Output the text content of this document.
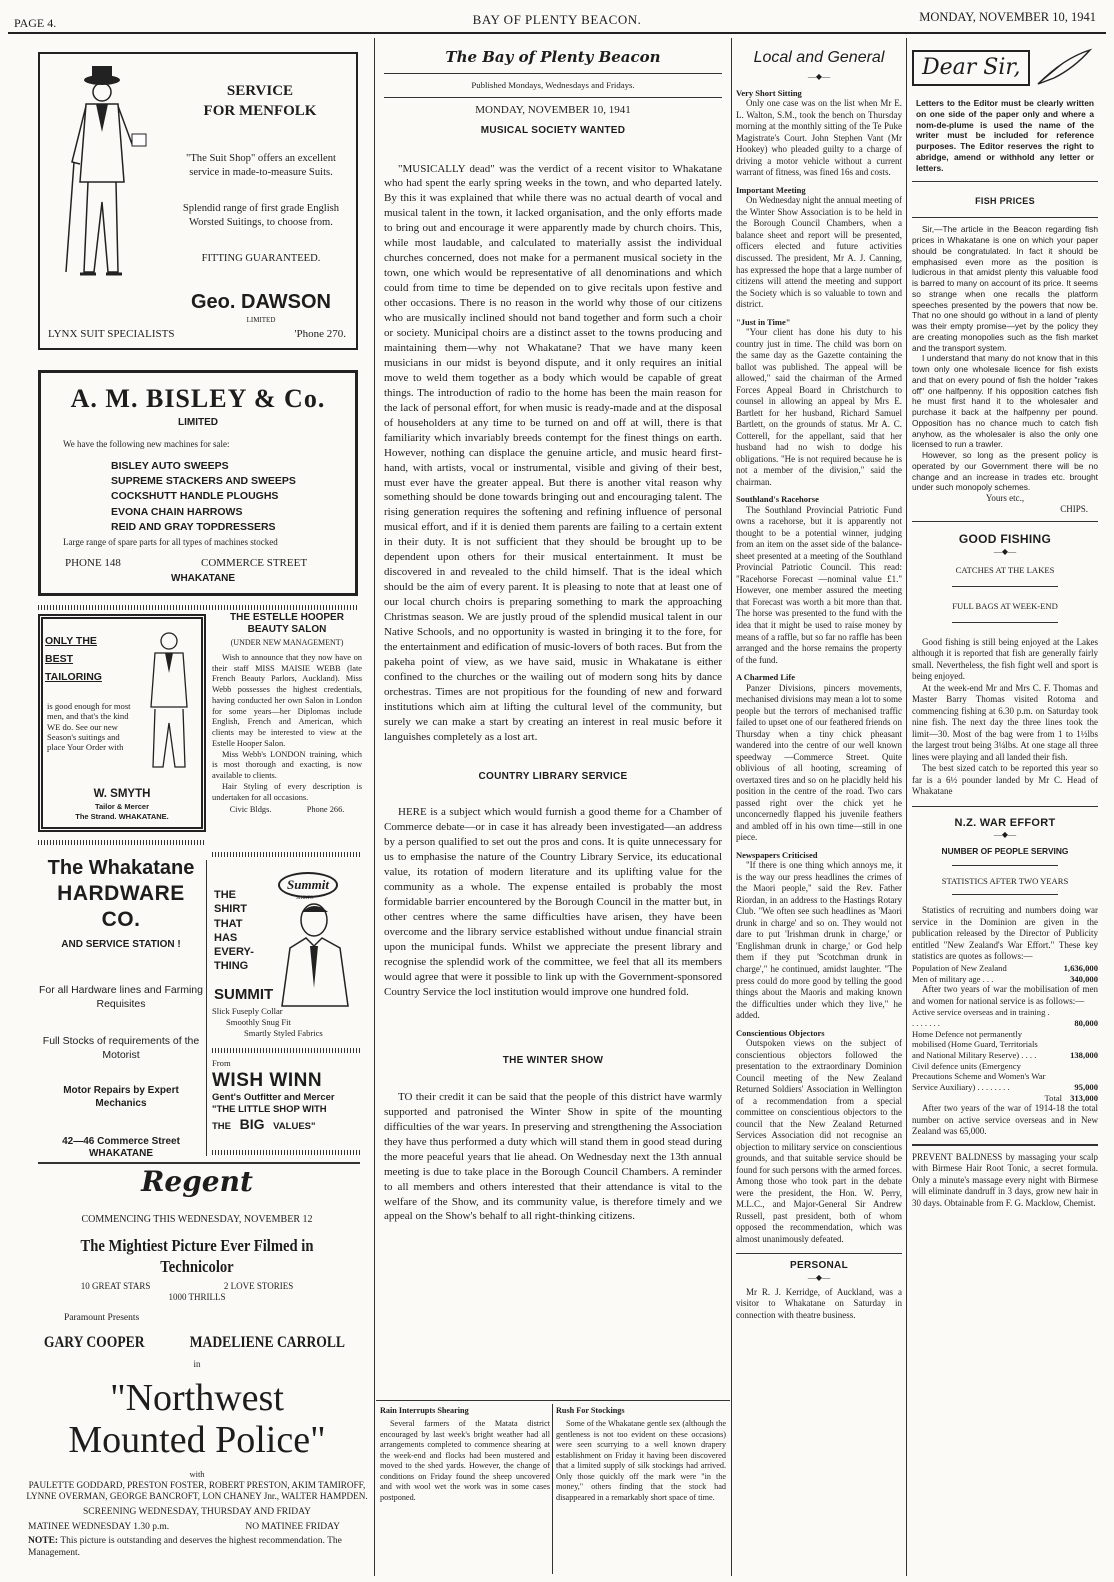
PAGE 4.	BAY OF PLENTY BEACON.	MONDAY, NOVEMBER 10, 1941
SERVICE
FOR MENFOLK
"The Suit Shop" offers an excellent service in made-to-measure Suits.
Splendid range of first grade English Worsted Suitings, to choose from.
FITTING GUARANTEED.
Geo. DAWSON
LIMITED
LYNX SUIT SPECIALISTS	'Phone 270.
A. M. BISLEY & Co.
LIMITED
We have the following new machines for sale:
BISLEY AUTO SWEEPS
SUPREME STACKERS AND SWEEPS
COCKSHUTT HANDLE PLOUGHS
EVONA CHAIN HARROWS
REID AND GRAY TOPDRESSERS
Large range of spare parts for all types of machines stocked
PHONE 148	COMMERCE STREET
WHAKATANE
ONLY THE
BEST
TAILORING
is good enough for most men, and that's the kind WE do. See our new Season's suitings and place Your Order with
W. SMYTH
Tailor & Mercer
The Strand. WHAKATANE.
THE ESTELLE HOOPER BEAUTY SALON
(UNDER NEW MANAGEMENT)

Wish to announce that they now have on their staff MISS MAISIE WEBB (late French Beauty Parlors, Auckland). Miss Webb possesses the highest credentials, having conducted her own Salon in London for some years—her Diplomas include English, French and American, which clients may be interested to view at the Estelle Hooper Salon.

Miss Webb's LONDON training, which is most thorough and exacting, is now available to clients.

Hair Styling of every description is undertaken for all occasions.

Civic Bldgs.	Phone 266.
The Whakatane
HARDWARE CO.
AND SERVICE STATION !
For all Hardware lines and Farming Requisites
Full Stocks of requirements of the Motorist
Motor Repairs by Expert Mechanics
42—46 Commerce Street
WHAKATANE
THE
SHIRT
THAT
HAS
EVERY-
THING
SUMMIT
Summit
SHIRTS
Slick Fuseply Collar
Smoothly Snug Fit
Smartly Styled Fabrics
From
WISH WINN
Gent's Outfitter and Mercer
"THE LITTLE SHOP WITH
THE BIG VALUES"
Regent
COMMENCING THIS WEDNESDAY, NOVEMBER 12
The Mightiest Picture Ever Filmed in Technicolor
10 GREAT STARS	2 LOVE STORIES
1000 THRILLS
Paramount Presents
GARY COOPER	MADELIENE CARROLL
in
"Northwest
Mounted Police"
with
PAULETTE GODDARD, PRESTON FOSTER, ROBERT PRESTON, AKIM TAMIROFF, LYNNE OVERMAN, GEORGE BANCROFT, LON CHANEY Jnr., WALTER HAMPDEN.
SCREENING WEDNESDAY, THURSDAY AND FRIDAY
MATINEE WEDNESDAY 1.30 p.m.	NO MATINEE FRIDAY
NOTE: This picture is outstanding and deserves the highest recommendation. The Management.
The Bay of Plenty Beacon
Published Mondays, Wednesdays and Fridays.
MONDAY, NOVEMBER 10, 1941
MUSICAL SOCIETY WANTED

"MUSICALLY dead" was the verdict of a recent visitor to Whakatane who had spent the early spring weeks in the town, and who departed lately. By this it was explained that while there was no actual dearth of vocal and musical talent in the town, it lacked organisation, and the only efforts made to bring out and encourage it were apparently made by church choirs. This, while most laudable, and calculated to materially assist the individual churches concerned, does not make for a permanent musical society in the town, one which would be representative of all denominations and which could from time to time be depended on to give recitals upon festive and other occasions. There is no reason in the world why those of our citizens who are musically inclined should not band together and form such a choir or society. Municipal choirs are a distinct asset to the towns producing and maintaining them—why not Whakatane? That we have many keen musicians in our midst is beyond dispute, and it only requires an initial move to weld them together as a body which would be capable of great things. The introduction of radio to the home has been the main reason for the lack of personal effort, for when music is ready-made and at the disposal of householders at any time to be turned on and off at will, there is that familiarity which invariably breeds contempt for the finest things on earth. However, nothing can displace the genuine article, and music heard first-hand, with artists, vocal or instrumental, visible and giving of their best, must ever have the greater appeal. But there is another vital reason why something should be done towards bringing out and encouraging talent. The rising generation requires the softening and refining influence of personal musical effort, and if it is denied them parents are failing to a certain extent in their duty. It is not sufficient that they should be brought up to be dependent upon others for their musical entertainment. It must be discovered in and revealed to the child himself. That is the ideal which should be the aim of every parent. It is pleasing to note that at least one of our local church choirs is preparing something to mark the approaching Christmas season. We are justly proud of the splendid musical talent in our Native Schools, and no opportunity is wasted in bringing it to the fore, for the entertainment and edification of music-lovers of both races. But from the pakeha point of view, as we have said, music in Whakatane is either confined to the churches or the wailing out of modern song hits by dance orchestras. Times are not propitious for the founding of new and forward institutions which aim at lifting the cultural level of the community, but surely we can make a start by creating an interest in real music before it languishes completely as a lost art.

COUNTRY LIBRARY SERVICE

HERE is a subject which would furnish a good theme for a Chamber of Commerce debate—or in case it has already been investigated—an address by a person qualified to set out the pros and cons. It is quite unnecessary for us to emphasise the nature of the Country Library Service, its educational value, its rotation of modern literature and its uplifting value for the community as a whole. The expense entailed is probably the most formidable barrier encountered by the Borough Council in the matter but, in other centres where the same difficulties have arisen, they have been overcome and the library service established without undue financial strain upon the municipal funds. Whilst we appreciate the present library and recognise the splendid work of the committee, we feel that all its members would agree that were it possible to link up with the Government-sponsored Country Service the locl institution would improve one hundred fold.

THE WINTER SHOW

TO their credit it can be said that the people of this district have warmly supported and patronised the Winter Show in spite of the mounting difficulties of the war years. In preserving and strengthening the Association they have thus performed a duty which will stand them in good stead during the more peaceful years that lie ahead. On Wednesday next the 13th annual meeting is due to take place in the Borough Council Chambers. A reminder to all members and others interested that their attendance is vital to the welfare of the Show, and its community value, is therefore timely and we appeal on the Show's behalf to all right-thinking citizens.

Rain Interrupts Shearing

Several farmers of the Matata district encouraged by last week's bright weather had all arrangements completed to commence shearing at the week-end and flocks had been mustered and moved to the shed yards. However, the change of conditions on Friday found the sheep uncovered and with wool wet the work was in some cases postponed.

Rush For Stockings

Some of the Whakatane gentle sex (although the gentleness is not too evident on these occasions) were seen scurrying to a well known drapery establishment on Friday it having been discovered that a limited supply of silk stockings had arrived. Only those quickly off the mark were "in the money," others finding that the stock had disappeared in a remarkably short space of time.

Local and General
—◆—
Very Short Sitting

Only one case was on the list when Mr E. L. Walton, S.M., took the bench on Thursday morning at the monthly sitting of the Te Puke Magistrate's Court. John Stephen Vant (Mr Hookey) who pleaded guilty to a charge of driving a motor vehicle without a current warrant of fitness, was fined 16s and costs.

Important Meeting

On Wednesday night the annual meeting of the Winter Show Association is to be held in the Borough Council Chambers, when a balance sheet and report will be presented, officers elected and future activities discussed. The president, Mr A. J. Canning, has expressed the hope that a large number of citizens will attend the meeting and support the Society which is so valuable to town and district.

"Just in Time"

"Your client has done his duty to his country just in time. The child was born on the same day as the Gazette containing the ballot was published. The appeal will be allowed," said the chairman of the Armed Forces Appeal Board in Christchurch to counsel in allowing an appeal by Mrs E. Bartlett for her husband, Richard Samuel Bartlett, on the grounds of status. Mr A. C. Cotterell, for the appellant, said that her husband had no wish to dodge his obligations. "He is not required because he is not a member of the division," said the chairman.

Southland's Racehorse

The Southland Provincial Patriotic Fund owns a racehorse, but it is apparently not thought to be a potential winner, judging from an item on the asset side of the balance-sheet presented at a meeting of the Southland Provincial Patriotic Council. This read: "Racehorse Forecast —nominal value £1." However, one member assured the meeting that Forecast was worth a bit more than that. The horse was presented to the fund with the idea that it might be used to raise money by means of a raffle, but so far no raffle has been arranged and the horse remains the property of the fund.

A Charmed Life

Panzer Divisions, pincers movements, mechanised divisions may mean a lot to some people but the terrors of mechanised traffic failed to upset one of our feathered friends on Thursday when a tiny chick pheasant wandered into the centre of our well known speedway —Commerce Street. Quite oblivious of all hooting, screaming of overtaxed tires and so on he placidly held his position in the centre of the road. Two cars passed right over the chick yet he unconcernedly flapped his juvenile feathers and ambled off in his own time—still in one piece.

Newspapers Criticised

"If there is one thing which annoys me, it is the way our press headlines the crimes of the Maori people," said the Rev. Father Riordan, in an address to the Hastings Rotary Club. "We often see such headlines as 'Maori drunk in charge' and so on. They would not dare to put 'Irishman drunk in charge,' or 'Englishman drunk in charge,' or God help them if they put 'Scotchman drunk in charge'," he continued, amidst laughter. "The press could do more good by telling the good things about the Maoris and making known the difficulties under which they live," he added.

Conscientious Objectors

Outspoken views on the subject of conscientious objectors followed the presentation to the extraordinary Dominion Council meeting of the New Zealand Returned Soldiers' Association in Wellington of a recommendation from a special committee on conscientious objectors to the council that the New Zealand Returned Services Association did not recognise an objection to military service on conscientious grounds, and that suitable service should be found for such persons with the armed forces. Among those who took part in the debate were the president, the Hon. W. Perry, M.L.C., and Major-General Sir Andrew Russell, past president, both of whom opposed the recommendation, which was almost unanimously defeated.

PERSONAL
—◆—

Mr R. J. Kerridge, of Auckland, was a visitor to Whakatane on Saturday in connection with theatre business.

Dear Sir,
Letters to the Editor must be clearly written on one side of the paper only and where a nom-de-plume is used the name of the writer must be included for reference purposes. The Editor reserves the right to abridge, amend or withhold any letter or letters.
FISH PRICES

Sir,—The article in the Beacon regarding fish prices in Whakatane is one on which your paper should be congratulated. In fact it should be emphasised even more as the position is ludicrous in that amidst plenty this valuable food is barred to many on account of its price. It seems so strange when one recalls the platform speeches presented by the powers that now be. That no one should go without in a land of plenty was their empty promise—yet by the policy they are creating monopolies such as the fish market and the transport system.

I understand that many do not know that in this town only one wholesale licence for fish exists and that on every pound of fish the holder "rakes off" one halfpenny. If his opposition catches fish he must first hand it to the wholesaler and purchase it back at the halfpenny per pound. Opposition has no chance much to catch fish anyhow, as the wholesaler is also the only one licensed to run a trawler.

However, so long as the present policy is operated by our Government there will be no change and an increase in trades etc. brought under such monopoly schemes.

Yours etc.,
CHIPS.
GOOD FISHING
—◆—
CATCHES AT THE LAKES
FULL BAGS AT WEEK-END

Good fishing is still being enjoyed at the Lakes although it is reported that fish are generally fairly small. Nevertheless, the fish fight well and sport is being enjoyed.

At the week-end Mr and Mrs C. F. Thomas and Master Barry Thomas visited Rotoma and commencing fishing at 6.30 p.m. on Saturday took nine fish. The next day the three lines took the limit—30. Most of the bag were from 1 to 1½lbs the largest trout being 3¼lbs. At one stage all three lines were playing and all landed their fish.

The best sized catch to be reported this year so far is a 6½ pounder landed by Mr C. Head of Whakatane

N.Z. WAR EFFORT
—◆—
NUMBER OF PEOPLE SERVING
STATISTICS AFTER TWO YEARS

Statistics of recruiting and numbers doing war service in the Dominion are given in the publication released by the Director of Publicity entitled "New Zealand's War Effort." These key statistics are quotes as follows:—

Population of New Zealand	1,636,000
Men of military age . . .	340,000

After two years of war the mobilisation of men and women for national service is as follows:—

Active service overseas and in training . . . . . . . .	80,000
Home Defence not permanently mobilised (Home Guard, Territorials and National Military Reserve) . . . .	138,000
Civil defence units (Emergency Precautions Scheme and Women's War Service Auxiliary) . . . . . . . .	95,000
Total 313,000

After two years of the war of 1914-18 the total number on active service overseas and in New Zealand was 65,000.

PREVENT BALDNESS by massaging your scalp with Birmese Hair Root Tonic, a secret formula. Only a minute's massage every night with Birmese will eliminate dandruff in 3 days, grow new hair in 30 days. Obtainable from F. G. Macklow, Chemist.
